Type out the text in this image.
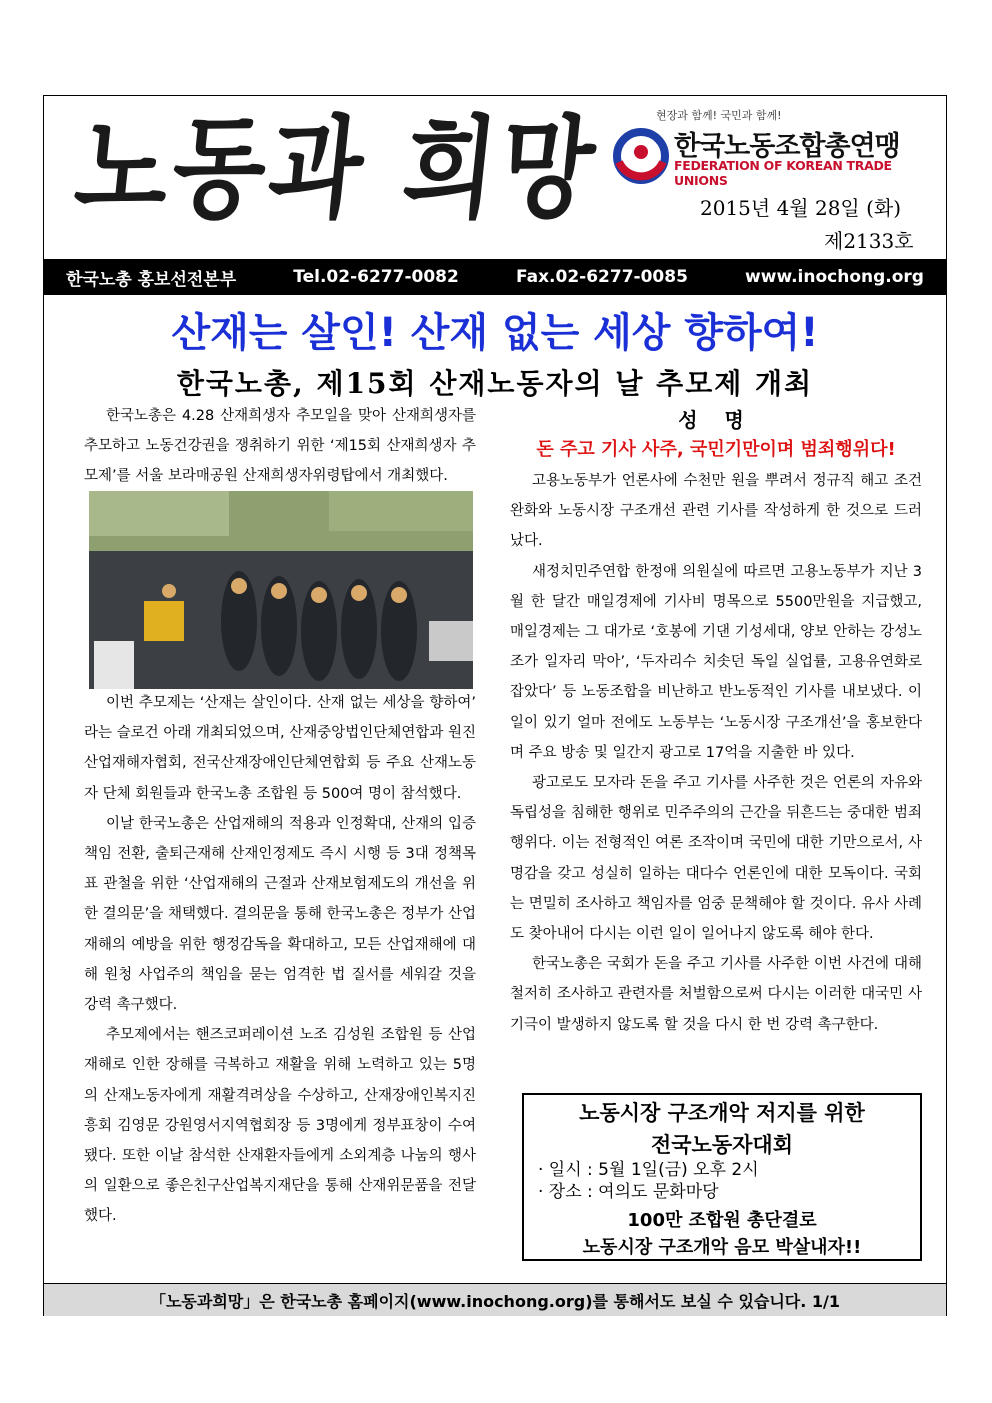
노동과 희망	현장과 함께! 국민과 함께!
한국노동조합총연맹
FEDERATION OF KOREAN TRADE UNIONS
2015년 4월 28일 (화)
제2133호
한국노총 홍보선전본부	Tel.02-6277-0082	Fax.02-6277-0085	www.inochong.org
산재는 살인! 산재 없는 세상 향하여!
한국노총, 제15회 산재노동자의 날 추모제 개최

한국노총은 4.28 산재희생자 추모일을 맞아 산재희생자를 추모하고 노동건강권을 쟁취하기 위한 ‘제15회 산재희생자 추모제’를 서울 보라매공원 산재희생자위령탑에서 개최했다.

이번 추모제는 ‘산재는 살인이다. 산재 없는 세상을 향하여’ 라는 슬로건 아래 개최되었으며, 산재중앙법인단체연합과 원진산업재해자협회, 전국산재장애인단체연합회 등 주요 산재노동자 단체 회원들과 한국노총 조합원 등 500여 명이 참석했다.

이날 한국노총은 산업재해의 적용과 인정확대, 산재의 입증책임 전환, 출퇴근재해 산재인정제도 즉시 시행 등 3대 정책목표 관철을 위한 ‘산업재해의 근절과 산재보험제도의 개선을 위한 결의문’을 채택했다. 결의문을 통해 한국노총은 정부가 산업재해의 예방을 위한 행정감독을 확대하고, 모든 산업재해에 대해 원청 사업주의 책임을 묻는 엄격한 법 질서를 세워갈 것을 강력 촉구했다.

추모제에서는 핸즈코퍼레이션 노조 김성원 조합원 등 산업재해로 인한 장해를 극복하고 재활을 위해 노력하고 있는 5명의 산재노동자에게 재활격려상을 수상하고, 산재장애인복지진흥회 김영문 강원영서지역협회장 등 3명에게 정부표창이 수여됐다. 또한 이날 참석한 산재환자들에게 소외계층 나눔의 행사의 일환으로 좋은친구산업복지재단을 통해 산재위문품을 전달했다.

성 명
돈 주고 기사 사주, 국민기만이며 범죄행위다!

고용노동부가 언론사에 수천만 원을 뿌려서 정규직 해고 조건완화와 노동시장 구조개선 관련 기사를 작성하게 한 것으로 드러났다.

새정치민주연합 한정애 의원실에 따르면 고용노동부가 지난 3월 한 달간 매일경제에 기사비 명목으로 5500만원을 지급했고, 매일경제는 그 대가로 ‘호봉에 기댄 기성세대, 양보 안하는 강성노조가 일자리 막아’, ‘두자리수 치솟던 독일 실업률, 고용유연화로 잡았다’ 등 노동조합을 비난하고 반노동적인 기사를 내보냈다. 이 일이 있기 얼마 전에도 노동부는 ‘노동시장 구조개선’을 홍보한다며 주요 방송 및 일간지 광고로 17억을 지출한 바 있다.

광고로도 모자라 돈을 주고 기사를 사주한 것은 언론의 자유와 독립성을 침해한 행위로 민주주의의 근간을 뒤흔드는 중대한 범죄행위다. 이는 전형적인 여론 조작이며 국민에 대한 기만으로서, 사명감을 갖고 성실히 일하는 대다수 언론인에 대한 모독이다. 국회는 면밀히 조사하고 책임자를 엄중 문책해야 할 것이다. 유사 사례도 찾아내어 다시는 이런 일이 일어나지 않도록 해야 한다.

한국노총은 국회가 돈을 주고 기사를 사주한 이번 사건에 대해 철저히 조사하고 관련자를 처벌함으로써 다시는 이러한 대국민 사기극이 발생하지 않도록 할 것을 다시 한 번 강력 촉구한다.

노동시장 구조개악 저지를 위한
전국노동자대회
· 일시 : 5월 1일(금) 오후 2시
· 장소 : 여의도 문화마당
100만 조합원 총단결로
노동시장 구조개악 음모 박살내자!!
「노동과희망」은 한국노총 홈페이지(www.inochong.org)를 통해서도 보실 수 있습니다. 1/1
